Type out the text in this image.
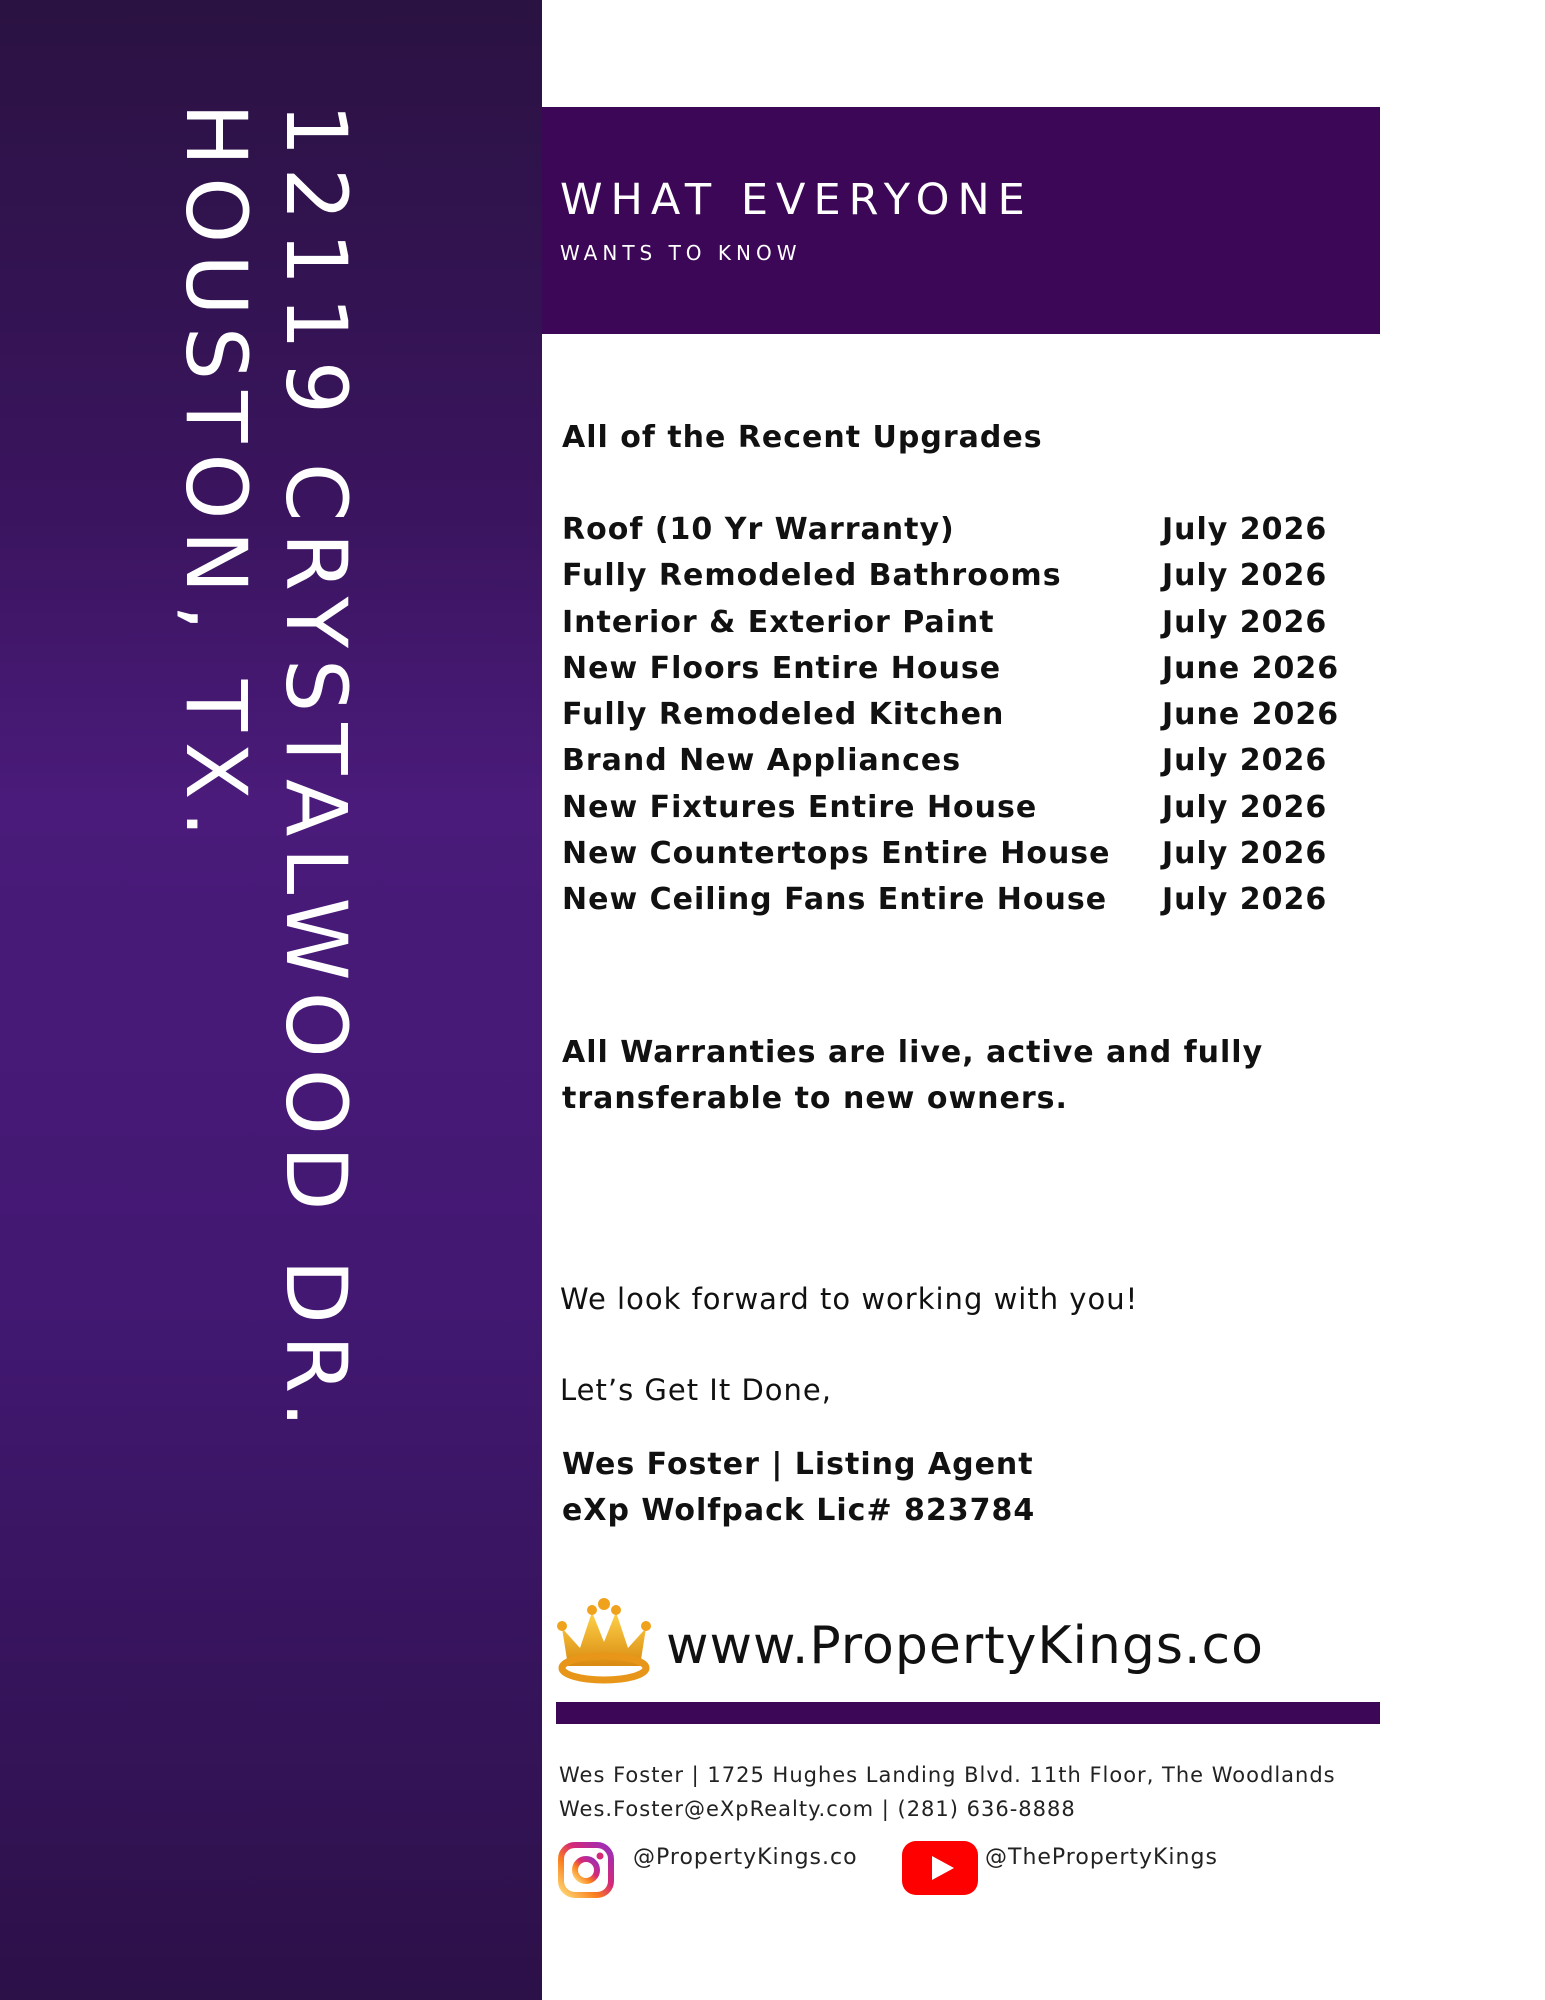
12119 CRYSTALWOOD DR.
HOUSTON, TX.	WHAT EVERYONE
WANTS TO KNOW
All of the Recent Upgrades
Roof (10 Yr Warranty)	July 2026
Fully Remodeled Bathrooms	July 2026
Interior & Exterior Paint	July 2026
New Floors Entire House	June 2026
Fully Remodeled Kitchen	June 2026
Brand New Appliances	July 2026
New Fixtures Entire House	July 2026
New Countertops Entire House July 2026
New Ceiling Fans Entire House July 2026
All Warranties are live, active and fully
transferable to new owners.
We look forward to working with you!
Let’s Get It Done,
Wes Foster | Listing Agent
eXp Wolfpack Lic# 823784
www.PropertyKings.co
Wes Foster | 1725 Hughes Landing Blvd. 11th Floor, The Woodlands
Wes.Foster@eXpRealty.com | (281) 636-8888
@PropertyKings.co	@ThePropertyKings
